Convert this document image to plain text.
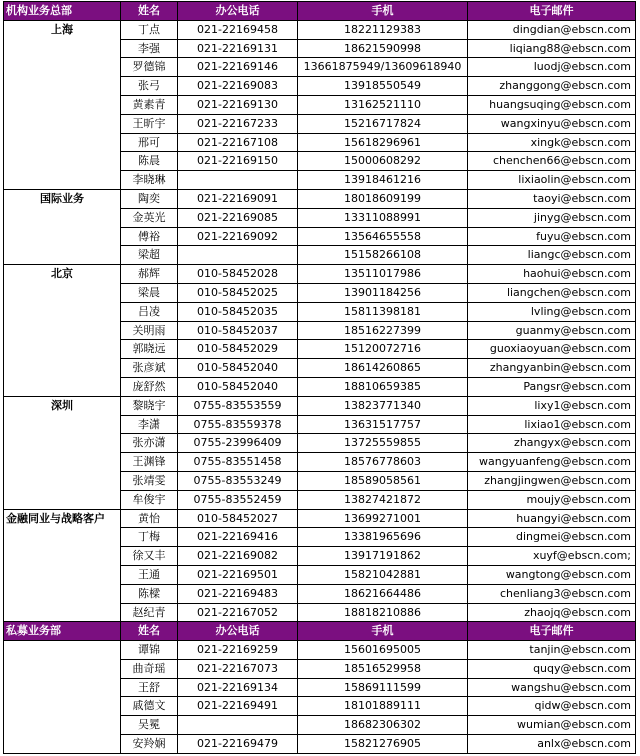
机构业务总部	姓名	办公电话	手机	电子邮件
上海	丁点	021-22169458	18221129383	dingdian@ebscn.com
	李强	021-22169131	18621590998	liqiang88@ebscn.com
	罗德锦	021-22169146	13661875949/13609618940	luodj@ebscn.com
	张弓	021-22169083	13918550549	zhanggong@ebscn.com
	黄素青	021-22169130	13162521110	huangsuqing@ebscn.com
	王昕宇	021-22167233	15216717824	wangxinyu@ebscn.com
	邢可	021-22167108	15618296961	xingk@ebscn.com
	陈晨	021-22169150	15000608292	chenchen66@ebscn.com
	李晓琳		13918461216	lixiaolin@ebscn.com
国际业务	陶奕	021-22169091	18018609199	taoyi@ebscn.com
	金英光	021-22169085	13311088991	jinyg@ebscn.com
	傅裕	021-22169092	13564655558	fuyu@ebscn.com
	梁超		15158266108	liangc@ebscn.com
北京	郝辉	010-58452028	13511017986	haohui@ebscn.com
	梁晨	010-58452025	13901184256	liangchen@ebscn.com
	吕凌	010-58452035	15811398181	lvling@ebscn.com
	关明雨	010-58452037	18516227399	guanmy@ebscn.com
	郭晓远	010-58452029	15120072716	guoxiaoyuan@ebscn.com
	张彦斌	010-58452040	18614260865	zhangyanbin@ebscn.com
	庞舒然	010-58452040	18810659385	Pangsr@ebscn.com
深圳	黎晓宇	0755-83553559	13823771340	lixy1@ebscn.com
	李潇	0755-83559378	13631517757	lixiao1@ebscn.com
	张亦潇	0755-23996409	13725559855	zhangyx@ebscn.com
	王渊锋	0755-83551458	18576778603	wangyuanfeng@ebscn.com
	张靖雯	0755-83553249	18589058561	zhangjingwen@ebscn.com
	牟俊宇	0755-83552459	13827421872	moujy@ebscn.com
金融同业与战略客户	黄怡	010-58452027	13699271001	huangyi@ebscn.com
	丁梅	021-22169416	13381965696	dingmei@ebscn.com
	徐又丰	021-22169082	13917191862	xuyf@ebscn.com;
	王通	021-22169501	15821042881	wangtong@ebscn.com
	陈樑	021-22169483	18621664486	chenliang3@ebscn.com
	赵纪青	021-22167052	18818210886	zhaojq@ebscn.com
私募业务部	姓名	办公电话	手机	电子邮件
	谭锦	021-22169259	15601695005	tanjin@ebscn.com
	曲奇瑶	021-22167073	18516529958	quqy@ebscn.com
	王舒	021-22169134	15869111599	wangshu@ebscn.com
	戚德文	021-22169491	18101889111	qidw@ebscn.com
	吴冕		18682306302	wumian@ebscn.com
	安羚娴	021-22169479	15821276905	anlx@ebscn.com
